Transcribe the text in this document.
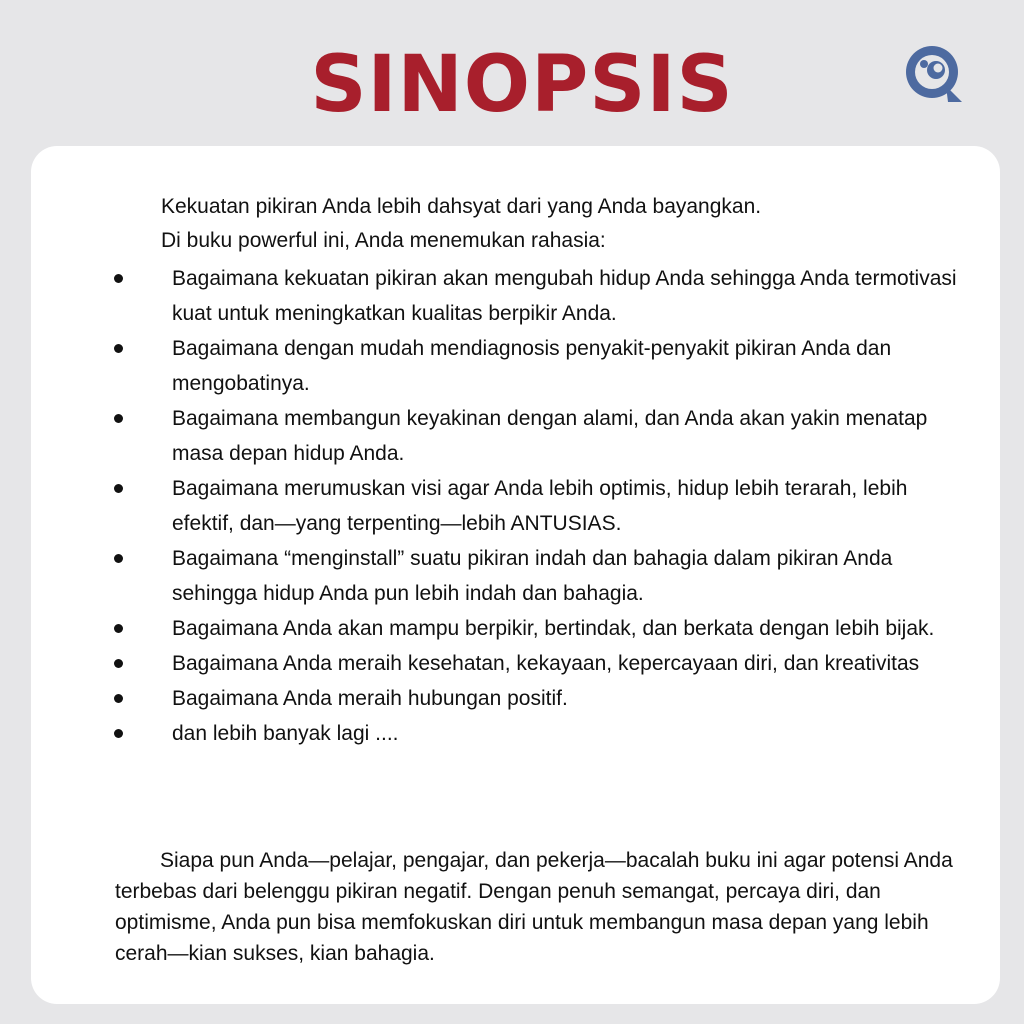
SINOPSIS
Kekuatan pikiran Anda lebih dahsyat dari yang Anda bayangkan.
Di buku powerful ini, Anda menemukan rahasia:
Bagaimana kekuatan pikiran akan mengubah hidup Anda sehingga Anda termotivasi kuat untuk meningkatkan kualitas berpikir Anda.
Bagaimana dengan mudah mendiagnosis penyakit-penyakit pikiran Anda dan mengobatinya.
Bagaimana membangun keyakinan dengan alami, dan Anda akan yakin menatap masa depan hidup Anda.
Bagaimana merumuskan visi agar Anda lebih optimis, hidup lebih terarah, lebih efektif, dan—yang terpenting—lebih ANTUSIAS.
Bagaimana “menginstall” suatu pikiran indah dan bahagia dalam pikiran Anda sehingga hidup Anda pun lebih indah dan bahagia.
Bagaimana Anda akan mampu berpikir, bertindak, dan berkata dengan lebih bijak.
Bagaimana Anda meraih kesehatan, kekayaan, kepercayaan diri, dan kreativitas
Bagaimana Anda meraih hubungan positif.
dan lebih banyak lagi ....
Siapa pun Anda—pelajar, pengajar, dan pekerja—bacalah buku ini agar potensi Anda terbebas dari belenggu pikiran negatif. Dengan penuh semangat, percaya diri, dan optimisme, Anda pun bisa memfokuskan diri untuk membangun masa depan yang lebih cerah—kian sukses, kian bahagia.
